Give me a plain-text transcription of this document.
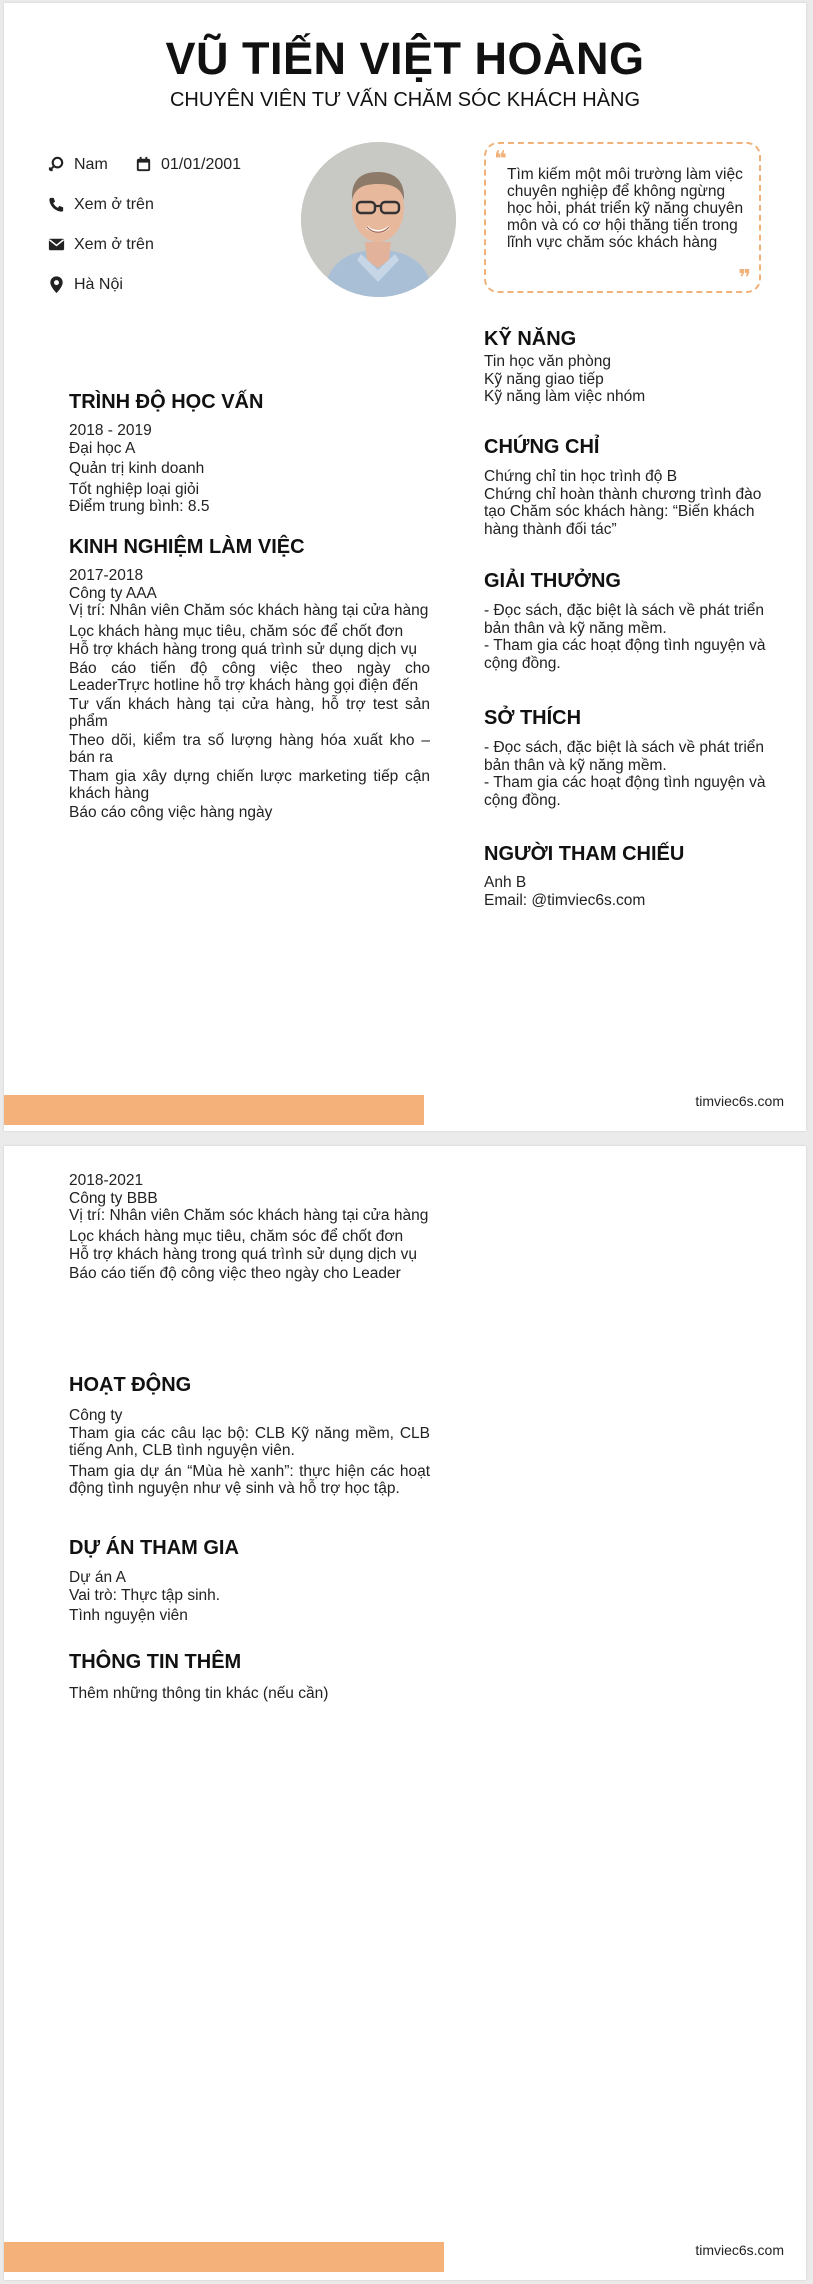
VŨ TIẾN VIỆT HOÀNG
CHUYÊN VIÊN TƯ VẤN CHĂM SÓC KHÁCH HÀNG
Nam	01/01/2001
Xem ở trên
Xem ở trên
Hà Nội
❝
Tìm kiếm một môi trường làm việc chuyên nghiệp để không ngừng học hỏi, phát triển kỹ năng chuyên môn và có cơ hội thăng tiến trong lĩnh vực chăm sóc khách hàng
❞
TRÌNH ĐỘ HỌC VẤN
2018 - 2019
Đại học A
Quản trị kinh doanh
Tốt nghiệp loại giỏi
Điểm trung bình: 8.5
KINH NGHIỆM LÀM VIỆC
2017-2018
Công ty AAA
Vị trí: Nhân viên Chăm sóc khách hàng tại cửa hàng
Lọc khách hàng mục tiêu, chăm sóc để chốt đơn
Hỗ trợ khách hàng trong quá trình sử dụng dịch vụ
Báo cáo tiến độ công việc theo ngày cho LeaderTrực hotline hỗ trợ khách hàng gọi điện đến
Tư vấn khách hàng tại cửa hàng, hỗ trợ test sản phẩm
Theo dõi, kiểm tra số lượng hàng hóa xuất kho – bán ra
Tham gia xây dựng chiến lược marketing tiếp cận khách hàng
Báo cáo công việc hàng ngày
KỸ NĂNG
Tin học văn phòng
Kỹ năng giao tiếp
Kỹ năng làm việc nhóm
CHỨNG CHỈ
Chứng chỉ tin học trình độ B
Chứng chỉ hoàn thành chương trình đào tạo Chăm sóc khách hàng: “Biến khách hàng thành đối tác”
GIẢI THƯỞNG
- Đọc sách, đặc biệt là sách về phát triển bản thân và kỹ năng mềm.
- Tham gia các hoạt động tình nguyện và cộng đồng.
SỞ THÍCH
- Đọc sách, đặc biệt là sách về phát triển bản thân và kỹ năng mềm.
- Tham gia các hoạt động tình nguyện và cộng đồng.
NGƯỜI THAM CHIẾU
Anh B
Email: @timviec6s.com
timviec6s.com
2018-2021
Công ty BBB
Vị trí: Nhân viên Chăm sóc khách hàng tại cửa hàng
Lọc khách hàng mục tiêu, chăm sóc để chốt đơn
Hỗ trợ khách hàng trong quá trình sử dụng dịch vụ
Báo cáo tiến độ công việc theo ngày cho Leader
HOẠT ĐỘNG
Công ty
Tham gia các câu lạc bộ: CLB Kỹ năng mềm, CLB tiếng Anh, CLB tình nguyện viên.
Tham gia dự án “Mùa hè xanh”: thực hiện các hoạt động tình nguyện như vệ sinh và hỗ trợ học tập.
DỰ ÁN THAM GIA
Dự án A
Vai trò: Thực tập sinh.
Tình nguyện viên
THÔNG TIN THÊM
Thêm những thông tin khác (nếu cần)
timviec6s.com
